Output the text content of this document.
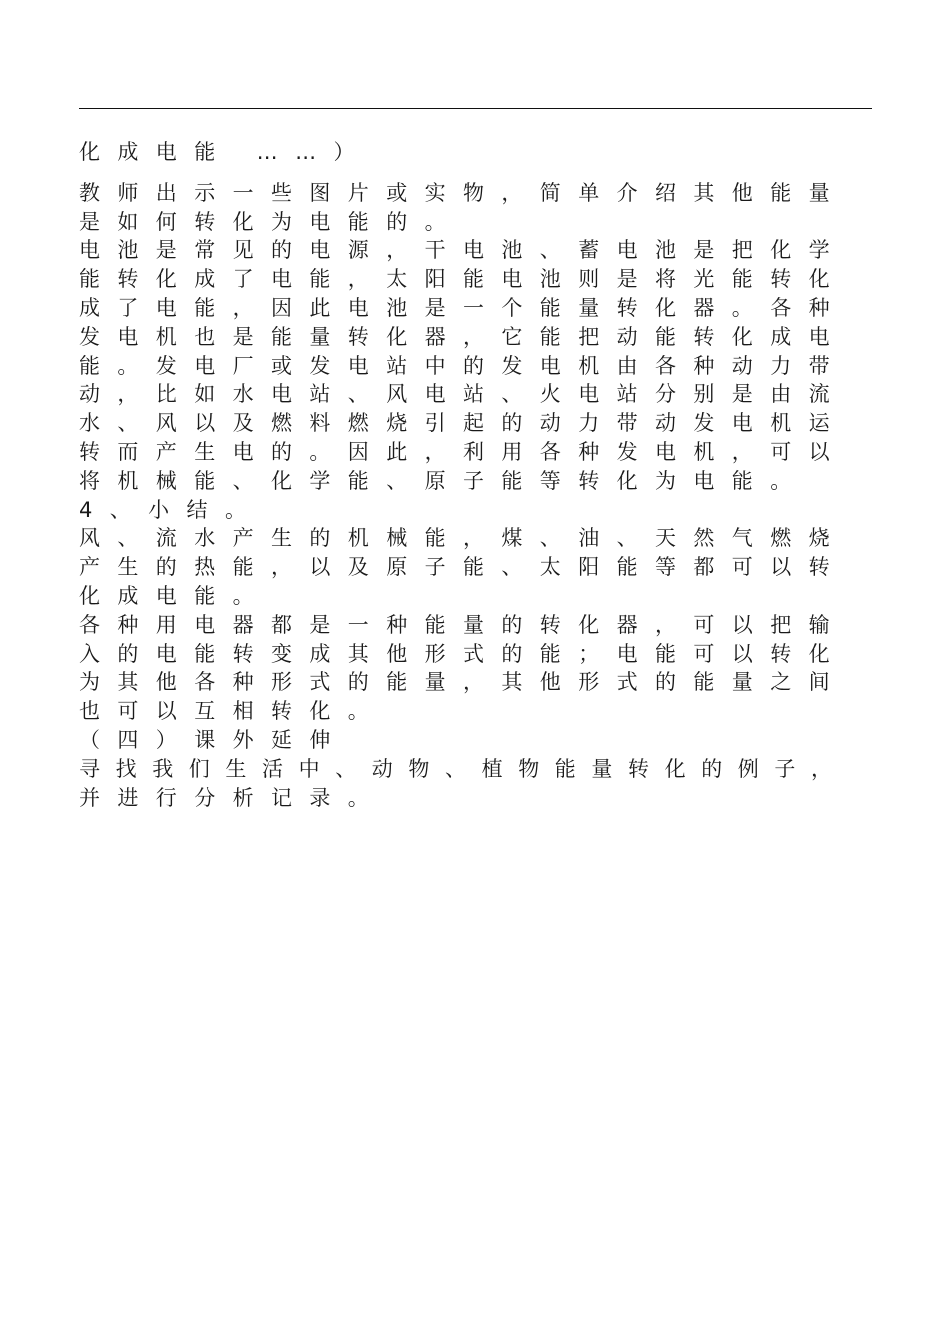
化成电能 ……）
教师出示一些图片或实物，简单介绍其他能量
是如何转化为电能的。
电池是常见的电源，干电池、蓄电池是把化学
能转化成了电能，太阳能电池则是将光能转化
成了电能，因此电池是一个能量转化器。各种
发电机也是能量转化器，它能把动能转化成电
能。发电厂或发电站中的发电机由各种动力带
动，比如水电站、风电站、火电站分别是由流
水、风以及燃料燃烧引起的动力带动发电机运
转而产生电的。因此，利用各种发电机，可以
将机械能、化学能、原子能等转化为电能。
4、小结。
风、流水产生的机械能，煤、油、天然气燃烧
产生的热能，以及原子能、太阳能等都可以转
化成电能。
各种用电器都是一种能量的转化器，可以把输
入的电能转变成其他形式的能；电能可以转化
为其他各种形式的能量，其他形式的能量之间
也可以互相转化。
（四）课外延伸
寻找我们生活中、动物、植物能量转化的例子，
并进行分析记录。
